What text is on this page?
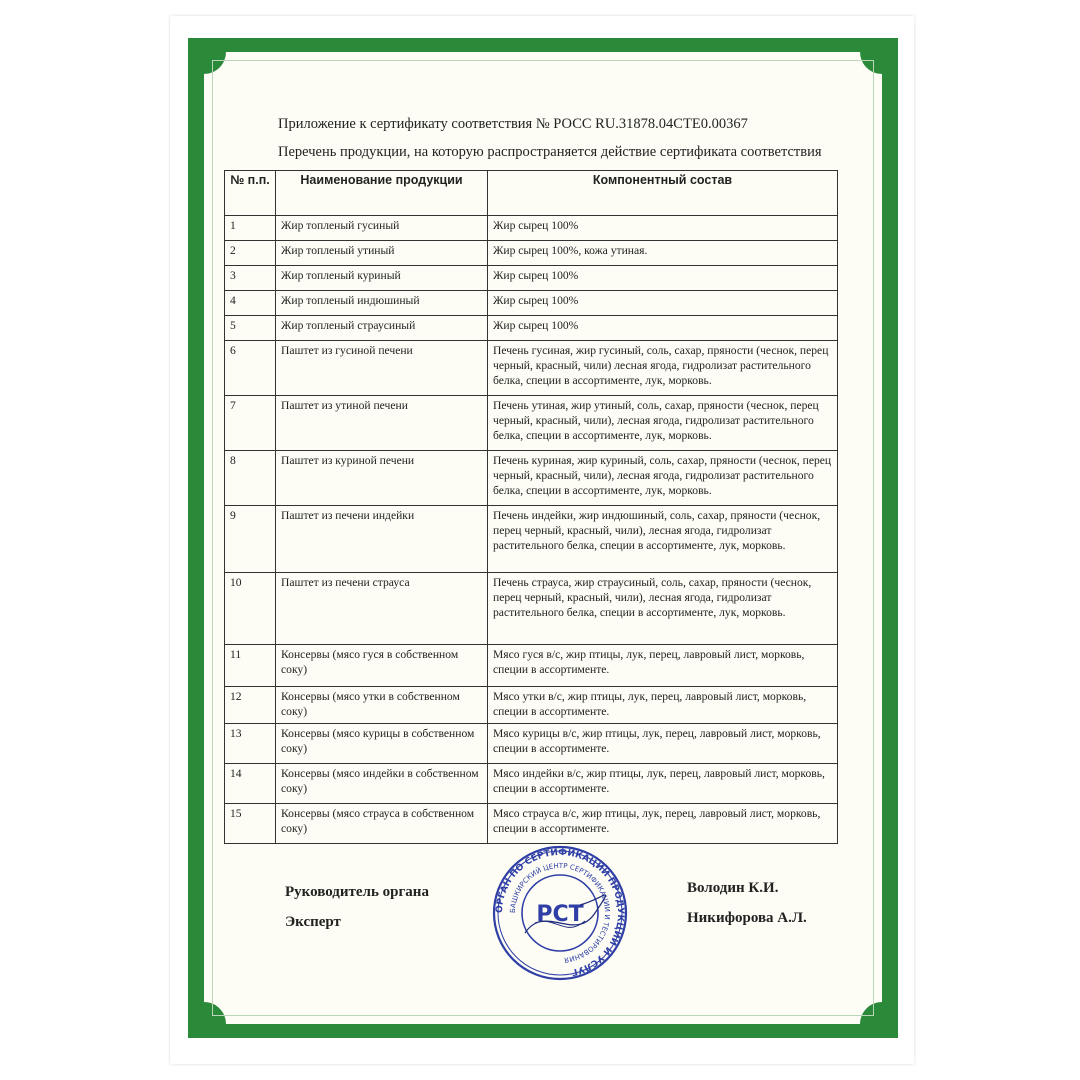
Приложение к сертификату соответствия № РОСС RU.31878.04СТЕ0.00367
Перечень продукции, на которую распространяется действие сертификата соответствия
№ п.п.	Наименование продукции	Компонентный состав
1	Жир топленый гусиный	Жир сырец 100%
2	Жир топленый утиный	Жир сырец 100%, кожа утиная.
3	Жир топленый куриный	Жир сырец 100%
4	Жир топленый индюшиный	Жир сырец 100%
5	Жир топленый страусиный	Жир сырец 100%
6	Паштет из гусиной печени	Печень гусиная, жир гусиный, соль, сахар, пряности (чеснок, перец черный, красный, чили) лесная ягода, гидролизат растительного белка, специи в ассортименте, лук, морковь.
7	Паштет из утиной печени	Печень утиная, жир утиный, соль, сахар, пряности (чеснок, перец черный, красный, чили), лесная ягода, гидролизат растительного белка, специи в ассортименте, лук, морковь.
8	Паштет из куриной печени	Печень куриная, жир куриный, соль, сахар, пряности (чеснок, перец черный, красный, чили), лесная ягода, гидролизат растительного белка, специи в ассортименте, лук, морковь.
9	Паштет из печени индейки	Печень индейки, жир индюшиный, соль, сахар, пряности (чеснок, перец черный, красный, чили), лесная ягода, гидролизат растительного белка, специи в ассортименте, лук, морковь.
10	Паштет из печени страуса	Печень страуса, жир страусиный, соль, сахар, пряности (чеснок, перец черный, красный, чили), лесная ягода, гидролизат растительного белка, специи в ассортименте, лук, морковь.
11	Консервы (мясо гуся в собственном соку)	Мясо гуся в/с, жир птицы, лук, перец, лавровый лист, морковь, специи в ассортименте.
12	Консервы (мясо утки в собственном соку)	Мясо утки в/с, жир птицы, лук, перец, лавровый лист, морковь, специи в ассортименте.
13	Консервы (мясо курицы в собственном соку)	Мясо курицы в/с, жир птицы, лук, перец, лавровый лист, морковь, специи в ассортименте.
14	Консервы (мясо индейки в собственном соку)	Мясо индейки в/с, жир птицы, лук, перец, лавровый лист, морковь, специи в ассортименте.
15	Консервы (мясо страуса в собственном соку)	Мясо страуса в/с, жир птицы, лук, перец, лавровый лист, морковь, специи в ассортименте.
Руководитель органа	Володин К.И.
Эксперт	Никифорова А.Л.
ОРГАН ПО СЕРТИФИКАЦИИ ПРОДУКЦИИ И УСЛУГ
БАШКИРСКИЙ ЦЕНТР СЕРТИФИКАЦИИ И ТЕСТИРОВАНИЯ
РСТ
